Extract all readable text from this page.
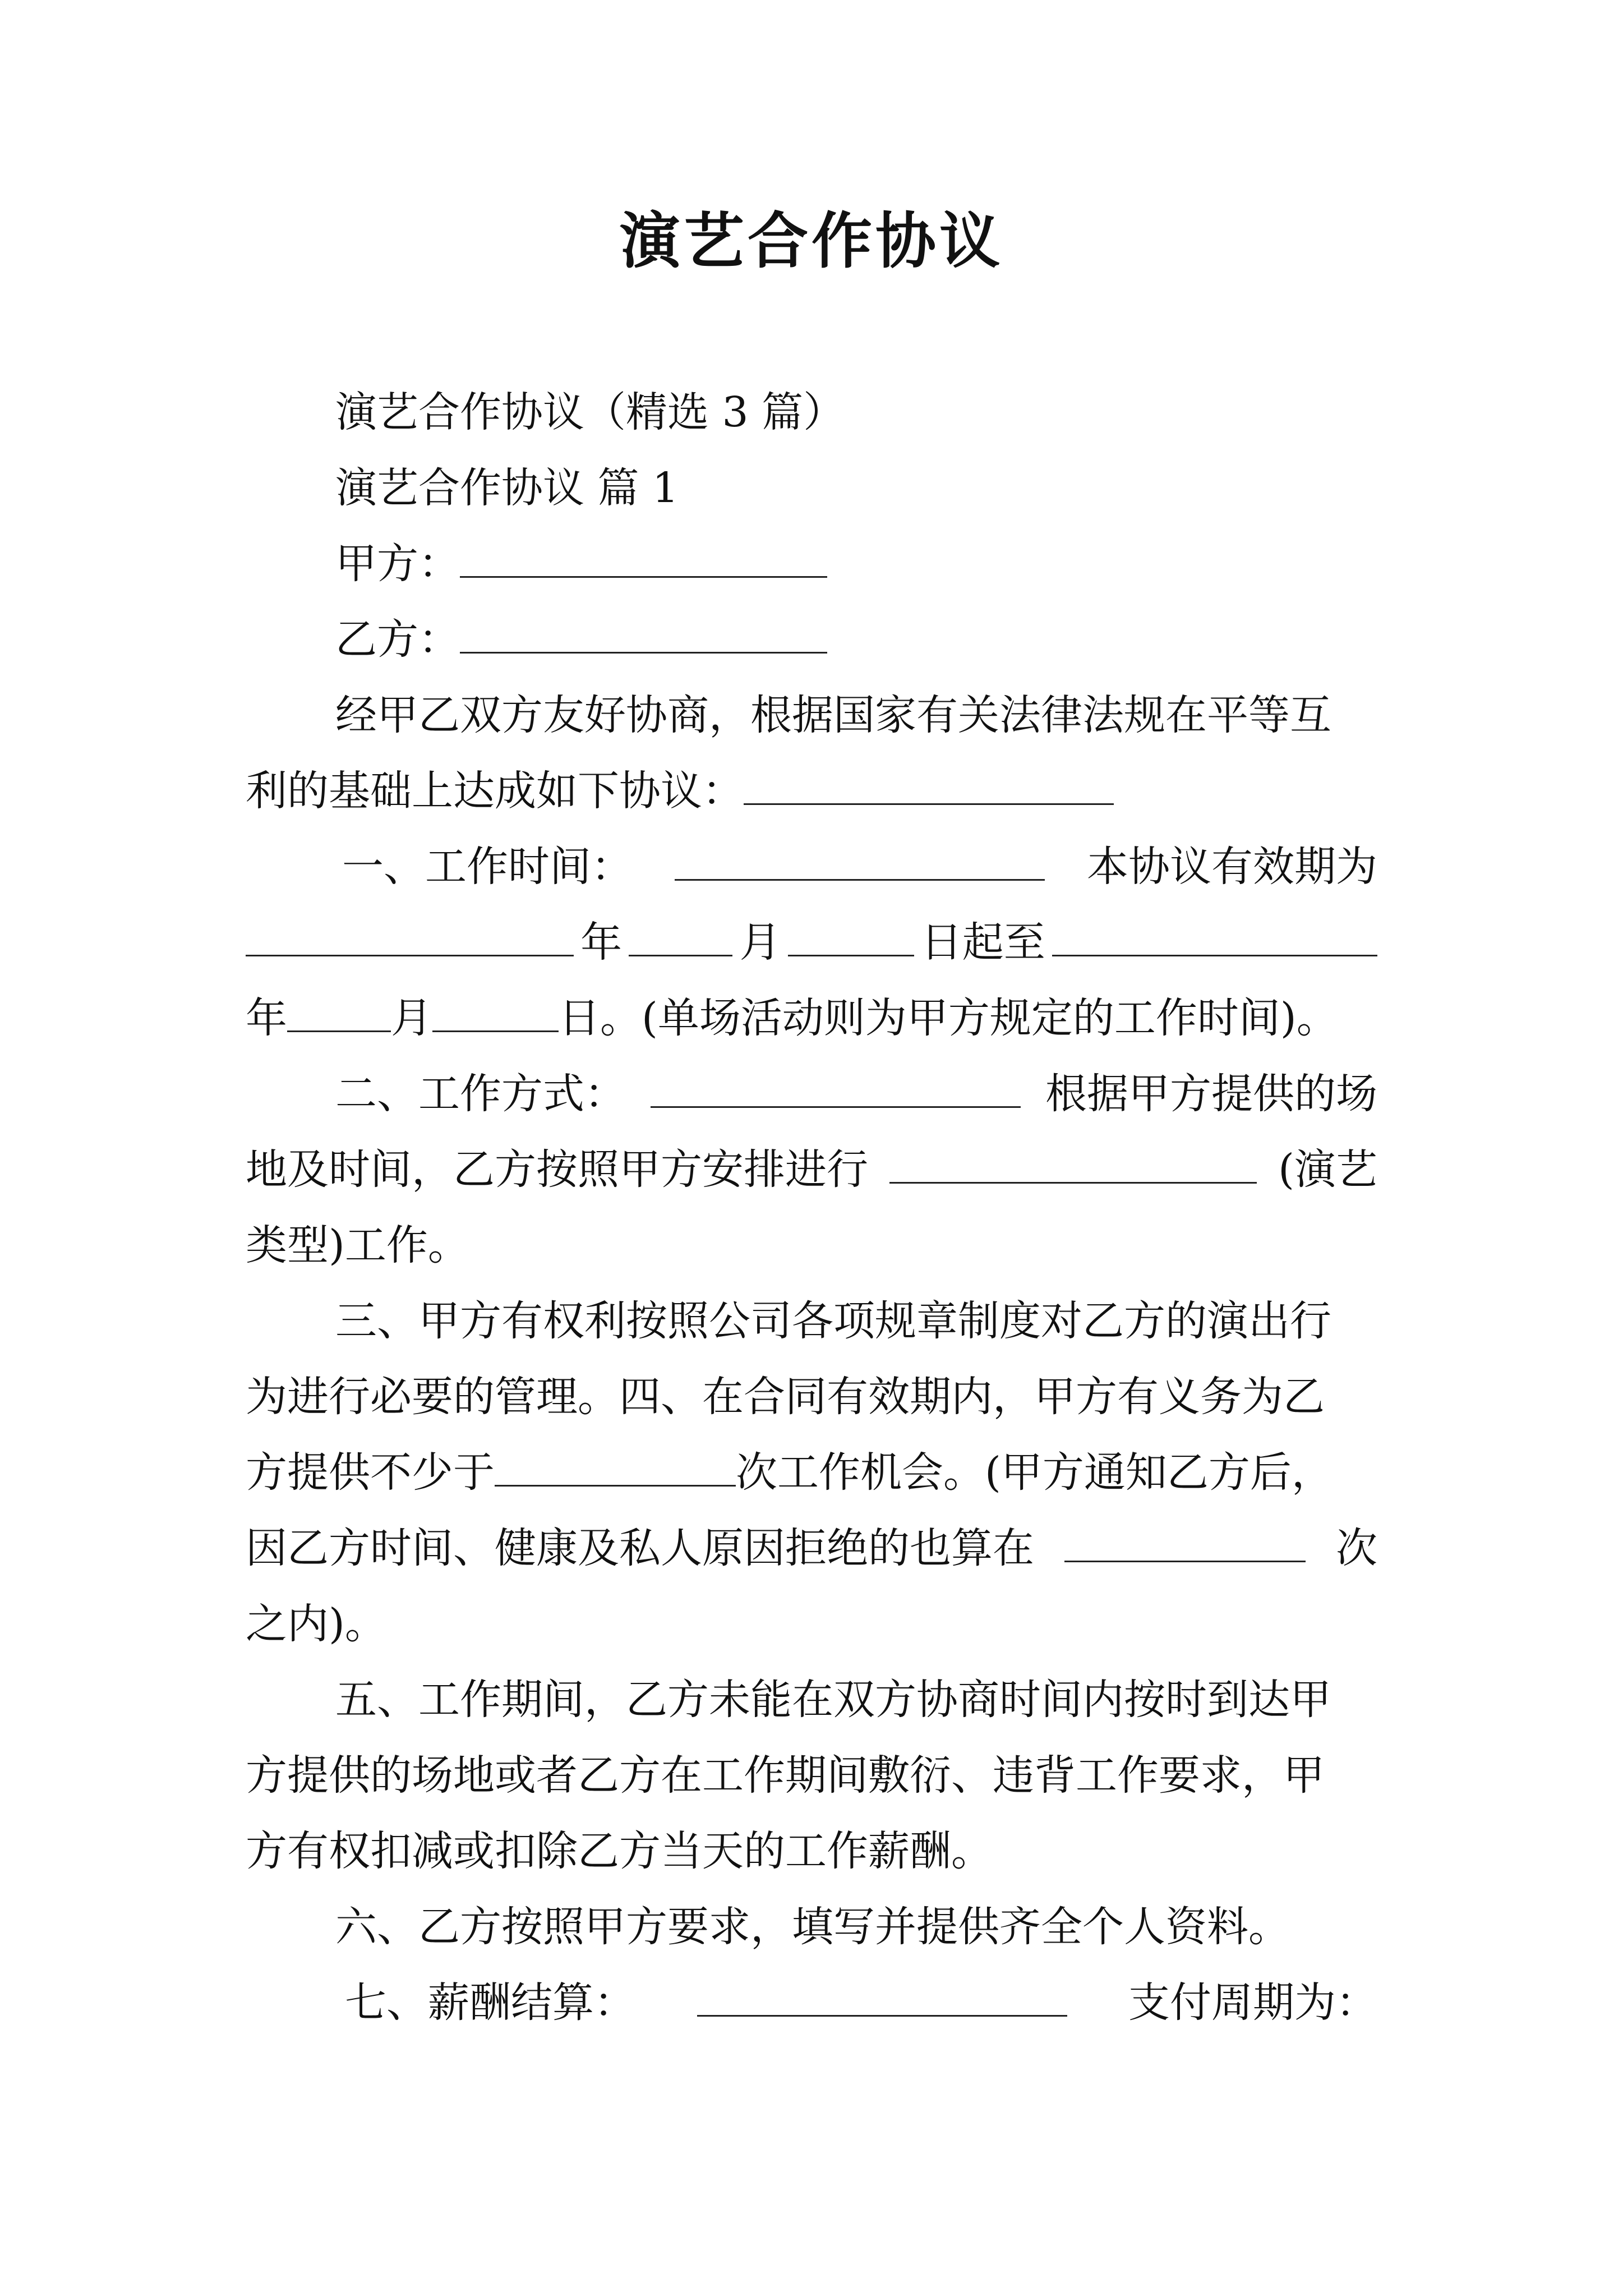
演艺合作协议
演艺合作协议（精选 3 篇）
演艺合作协议 篇 1
甲方：
乙方：
经甲乙双方友好协商，根据国家有关法律法规在平等互
利的基础上达成如下协议：
一、工作时间：	本协议有效期为
年	月	日起至
年	月	日。(单场活动则为甲方规定的工作时间)。
二、工作方式：	根据甲方提供的场
地及时间，乙方按照甲方安排进行	(演艺
类型)工作。
三、甲方有权利按照公司各项规章制度对乙方的演出行
为进行必要的管理。四、在合同有效期内，甲方有义务为乙
方提供不少于	次工作机会。(甲方通知乙方后，
因乙方时间、健康及私人原因拒绝的也算在	次
之内)。
五、工作期间，乙方未能在双方协商时间内按时到达甲
方提供的场地或者乙方在工作期间敷衍、违背工作要求，甲
方有权扣减或扣除乙方当天的工作薪酬。
六、乙方按照甲方要求，填写并提供齐全个人资料。
七、薪酬结算：	支付周期为：
